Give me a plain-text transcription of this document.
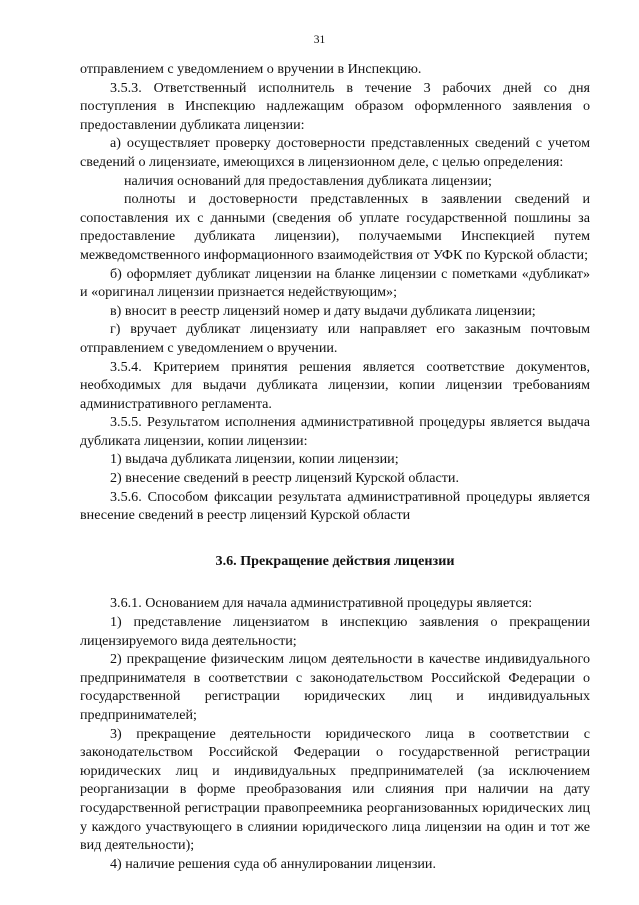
31

отправлением с уведомлением о вручении в Инспекцию.

3.5.3. Ответственный исполнитель в течение 3 рабочих дней со дня поступления в Инспекцию надлежащим образом оформленного заявления о предоставлении дубликата лицензии:

а) осуществляет проверку достоверности представленных сведений с учетом сведений о лицензиате, имеющихся в лицензионном деле, с целью определения:

наличия оснований для предоставления дубликата лицензии;

полноты и достоверности представленных в заявлении сведений и сопоставления их с данными (сведения об уплате государственной пошлины за предоставление дубликата лицензии), получаемыми Инспекцией путем межведомственного информационного взаимодействия от УФК по Курской области;

б) оформляет дубликат лицензии на бланке лицензии с пометками «дубликат» и «оригинал лицензии признается недействующим»;

в) вносит в реестр лицензий номер и дату выдачи дубликата лицензии;

г) вручает дубликат лицензиату или направляет его заказным почтовым отправлением с уведомлением о вручении.

3.5.4. Критерием принятия решения является соответствие документов, необходимых для выдачи дубликата лицензии, копии лицензии требованиям административного регламента.

3.5.5. Результатом исполнения административной процедуры является выдача дубликата лицензии, копии лицензии:

1) выдача дубликата лицензии, копии лицензии;

2) внесение сведений в реестр лицензий Курской области.

3.5.6. Способом фиксации результата административной процедуры является внесение сведений в реестр лицензий Курской области

3.6. Прекращение действия лицензии

3.6.1. Основанием для начала административной процедуры является:

1) представление лицензиатом в инспекцию заявления о прекращении лицензируемого вида деятельности;

2) прекращение физическим лицом деятельности в качестве индивидуального предпринимателя в соответствии с законодательством Российской Федерации о государственной регистрации юридических лиц и индивидуальных предпринимателей;

3) прекращение деятельности юридического лица в соответствии с законодательством Российской Федерации о государственной регистрации юридических лиц и индивидуальных предпринимателей (за исключением реорганизации в форме преобразования или слияния при наличии на дату государственной регистрации правопреемника реорганизованных юридических лиц у каждого участвующего в слиянии юридического лица лицензии на один и тот же вид деятельности);

4) наличие решения суда об аннулировании лицензии.
